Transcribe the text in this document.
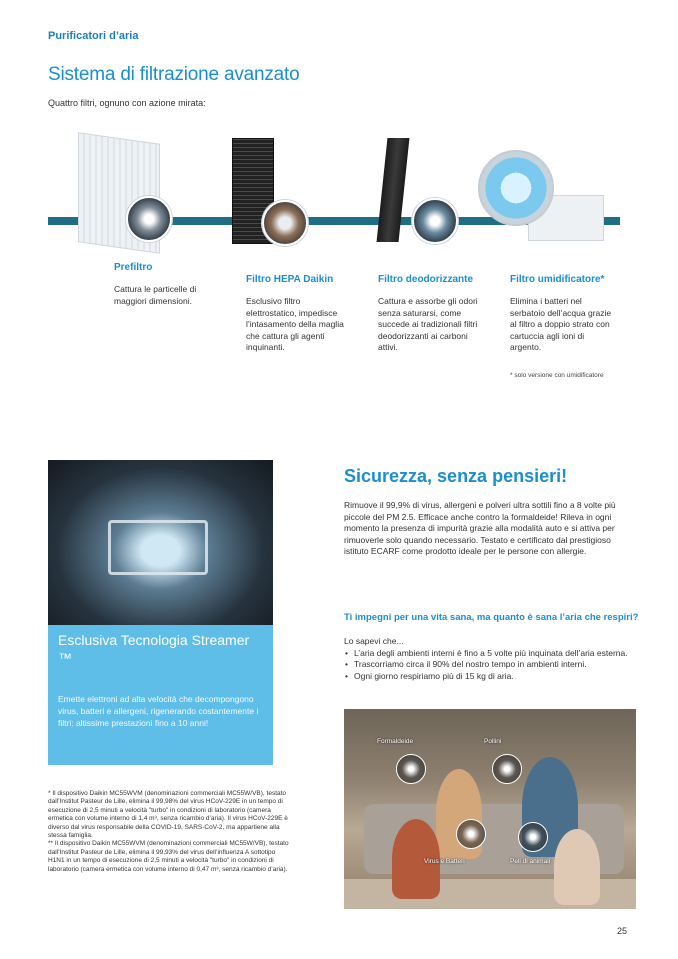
Purificatori d’aria
Sistema di filtrazione avanzato
Quattro filtri, ognuno con azione mirata:
Prefiltro
Cattura le particelle di maggiori dimensioni.
Filtro HEPA Daikin
Esclusivo filtro elettrostatico, impedisce l’intasamento della maglia che cattura gli agenti inquinanti.
Filtro deodorizzante
Cattura e assorbe gli odori senza saturarsi, come succede ai tradizionali filtri deodorizzanti ai carboni attivi.
Filtro umidificatore*
Elimina i batteri nel serbatoio dell’acqua grazie al filtro a doppio strato con cartuccia agli ioni di argento.
* solo versione con umidificatore
Esclusiva Tecnologia Streamer ™
Emette elettroni ad alta velocità che decompongono virus, batteri e allergeni, rigenerando costantemente i filtri: altissime prestazioni fino a 10 anni!

* Il dispositivo Daikin MC55WVM (denominazioni commerciali MC55W/VB), testato dall’Institut Pasteur de Lille, elimina il 99,98% del virus HCoV-229E in un tempo di esecuzione di 2,5 minuti a velocità "turbo" in condizioni di laboratorio (camera ermetica con volume interno di 1,4 m³, senza ricambio d’aria). Il virus HCoV-229E è diverso dal virus responsabile della COVID-19, SARS-CoV-2, ma appartiene alla stessa famiglia.

** Il dispositivo Daikin MC55WVM (denominazioni commerciali MC55W/VB), testato dall’Institut Pasteur de Lille, elimina il 99,93% del virus dell’influenza A sottotipo H1N1 in un tempo di esecuzione di 2,5 minuti a velocità "turbo" in condizioni di laboratorio (camera ermetica con volume interno di 0,47 m³, senza ricambio d’aria).

Sicurezza, senza pensieri!

Rimuove il 99,9% di virus, allergeni e polveri ultra sottili fino a 8 volte più piccole del PM 2.5. Efficace anche contro la formaldeide! Rileva in ogni momento la presenza di impurità grazie alla modalità auto e si attiva per rimuoverle solo quando necessario. Testato e certificato dal prestigioso istituto ECARF come prodotto ideale per le persone con allergie.

Ti impegni per una vita sana, ma quanto è sana l’aria che respiri?
Lo sapevi che...
• L’aria degli ambienti interni è fino a 5 volte più inquinata dell’aria esterna.
• Trascorriamo circa il 90% del nostro tempo in ambienti interni.
• Ogni giorno respiriamo più di 15 kg di aria.
Formaldeide	Pollini
Virus e Batteri	Peli di animali
25
